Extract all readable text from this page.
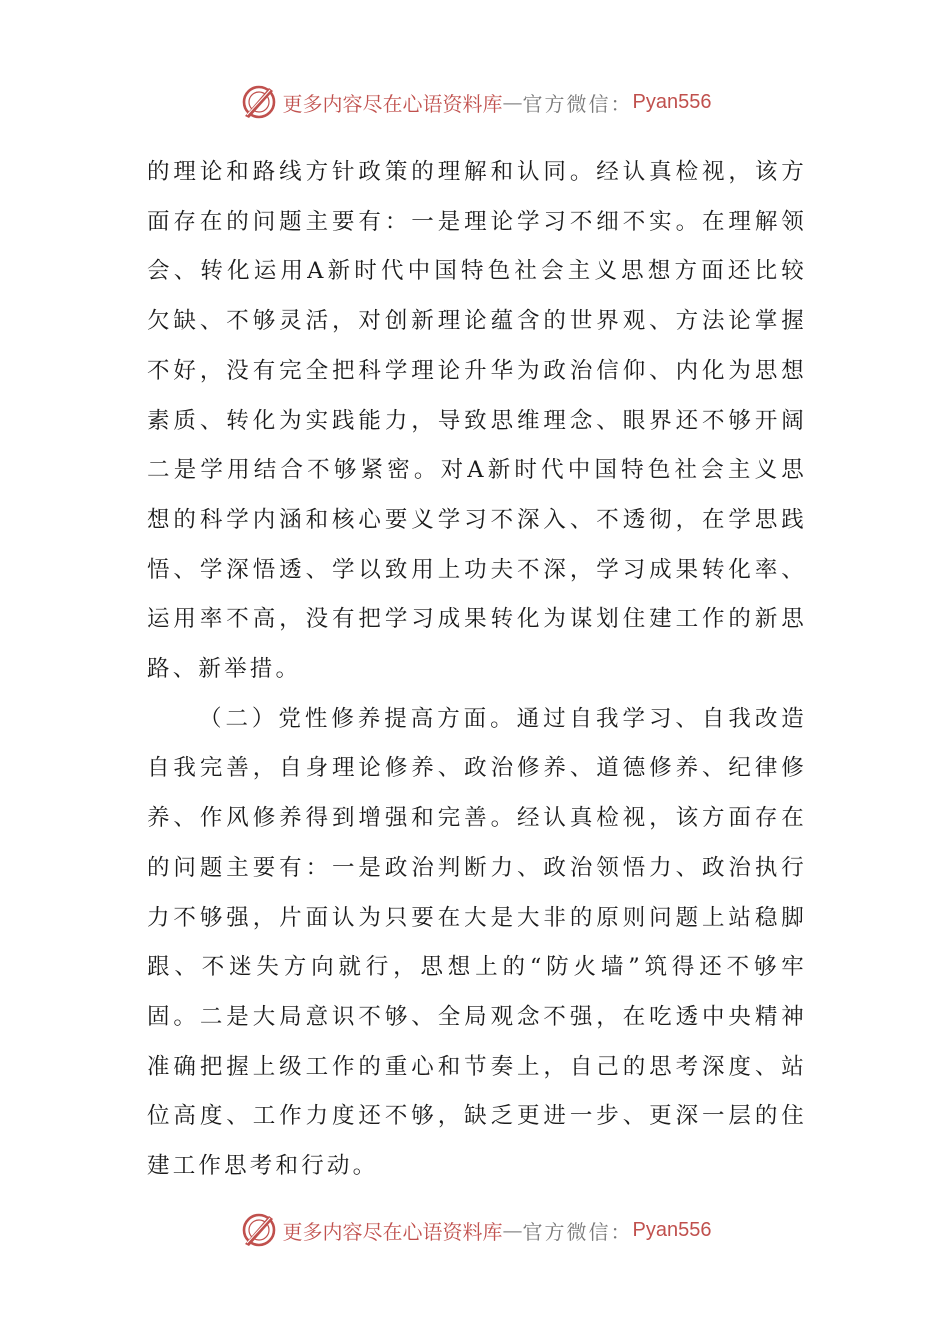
更多内容尽在心语资料库 — 官方微信： Pyan556

的理论和路线方针政策的理解和认同。经认真检视，该方面存在的问题主要有：一是理论学习不细不实。在理解领会、转化运用A新时代中国特色社会主义思想方面还比较欠缺、不够灵活，对创新理论蕴含的世界观、方法论掌握不好，没有完全把科学理论升华为政治信仰、内化为思想素质、转化为实践能力，导致思维理念、眼界还不够开阔二是学用结合不够紧密。对A新时代中国特色社会主义思想的科学内涵和核心要义学习不深入、不透彻，在学思践悟、学深悟透、学以致用上功夫不深，学习成果转化率、运用率不高，没有把学习成果转化为谋划住建工作的新思路、新举措。

（二）党性修养提高方面。通过自我学习、自我改造自我完善，自身理论修养、政治修养、道德修养、纪律修养、作风修养得到增强和完善。经认真检视，该方面存在的问题主要有：一是政治判断力、政治领悟力、政治执行力不够强，片面认为只要在大是大非的原则问题上站稳脚跟、不迷失方向就行，思想上的“防火墙”筑得还不够牢固。二是大局意识不够、全局观念不强，在吃透中央精神准确把握上级工作的重心和节奏上，自己的思考深度、站位高度、工作力度还不够，缺乏更进一步、更深一层的住建工作思考和行动。

更多内容尽在心语资料库 — 官方微信： Pyan556
